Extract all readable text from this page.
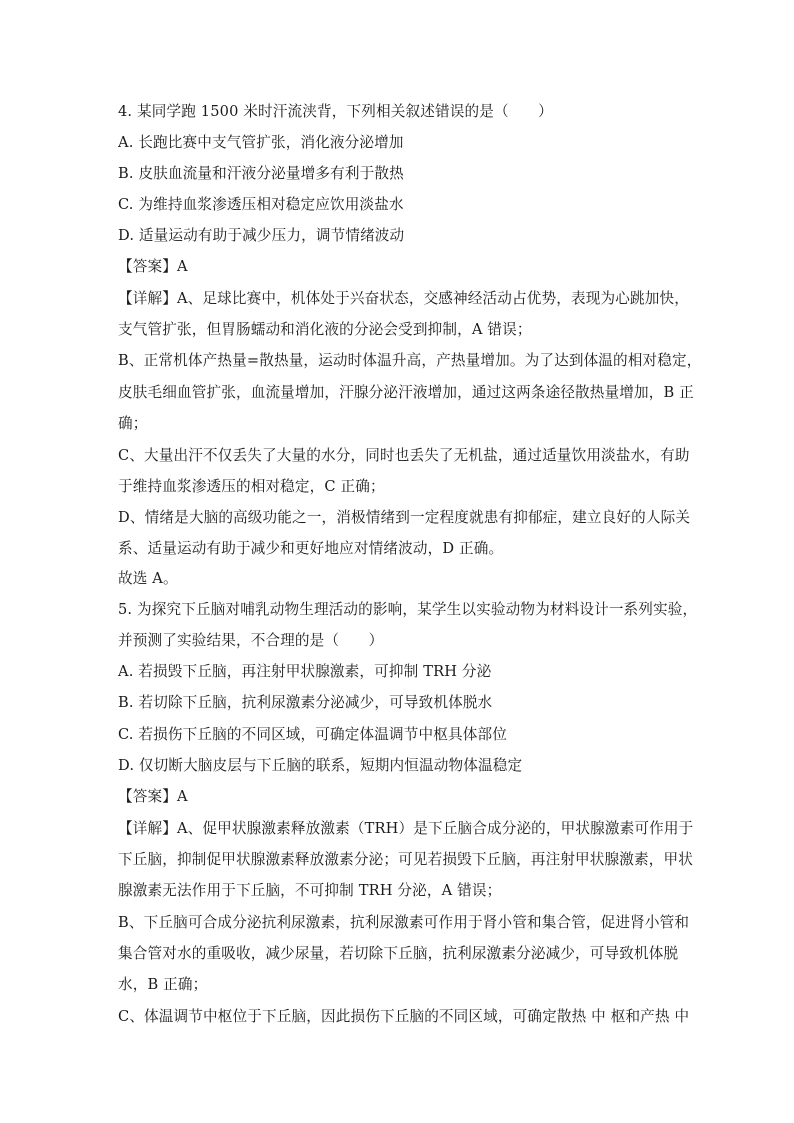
4. 某同学跑 1500 米时汗流浃背，下列相关叙述错误的是（　　）
A. 长跑比赛中支气管扩张，消化液分泌增加
B. 皮肤血流量和汗液分泌量增多有利于散热
C. 为维持血浆渗透压相对稳定应饮用淡盐水
D. 适量运动有助于减少压力，调节情绪波动
【答案】A
【详解】A、足球比赛中，机体处于兴奋状态，交感神经活动占优势，表现为心跳加快，
支气管扩张，但胃肠蠕动和消化液的分泌会受到抑制，A 错误；
B、正常机体产热量=散热量，运动时体温升高，产热量增加。为了达到体温的相对稳定，
皮肤毛细血管扩张，血流量增加，汗腺分泌汗液增加，通过这两条途径散热量增加，B 正
确；
C、大量出汗不仅丢失了大量的水分，同时也丢失了无机盐，通过适量饮用淡盐水，有助
于维持血浆渗透压的相对稳定，C 正确；
D、情绪是大脑的高级功能之一，消极情绪到一定程度就患有抑郁症，建立良好的人际关
系、适量运动有助于减少和更好地应对情绪波动，D 正确。
故选 A。
5. 为探究下丘脑对哺乳动物生理活动的影响，某学生以实验动物为材料设计一系列实验，
并预测了实验结果，不合理的是（　　）
A. 若损毁下丘脑，再注射甲状腺激素，可抑制 TRH 分泌
B. 若切除下丘脑，抗利尿激素分泌减少，可导致机体脱水
C. 若损伤下丘脑的不同区域，可确定体温调节中枢具体部位
D. 仅切断大脑皮层与下丘脑的联系，短期内恒温动物体温稳定
【答案】A
【详解】A、促甲状腺激素释放激素（TRH）是下丘脑合成分泌的，甲状腺激素可作用于
下丘脑，抑制促甲状腺激素释放激素分泌；可见若损毁下丘脑，再注射甲状腺激素，甲状
腺激素无法作用于下丘脑，不可抑制 TRH 分泌，A 错误；
B、下丘脑可合成分泌抗利尿激素，抗利尿激素可作用于肾小管和集合管，促进肾小管和
集合管对水的重吸收，减少尿量，若切除下丘脑，抗利尿激素分泌减少，可导致机体脱
水，B 正确；
C、体温调节中枢位于下丘脑，因此损伤下丘脑的不同区域，可确定散热 中 枢和产热 中
